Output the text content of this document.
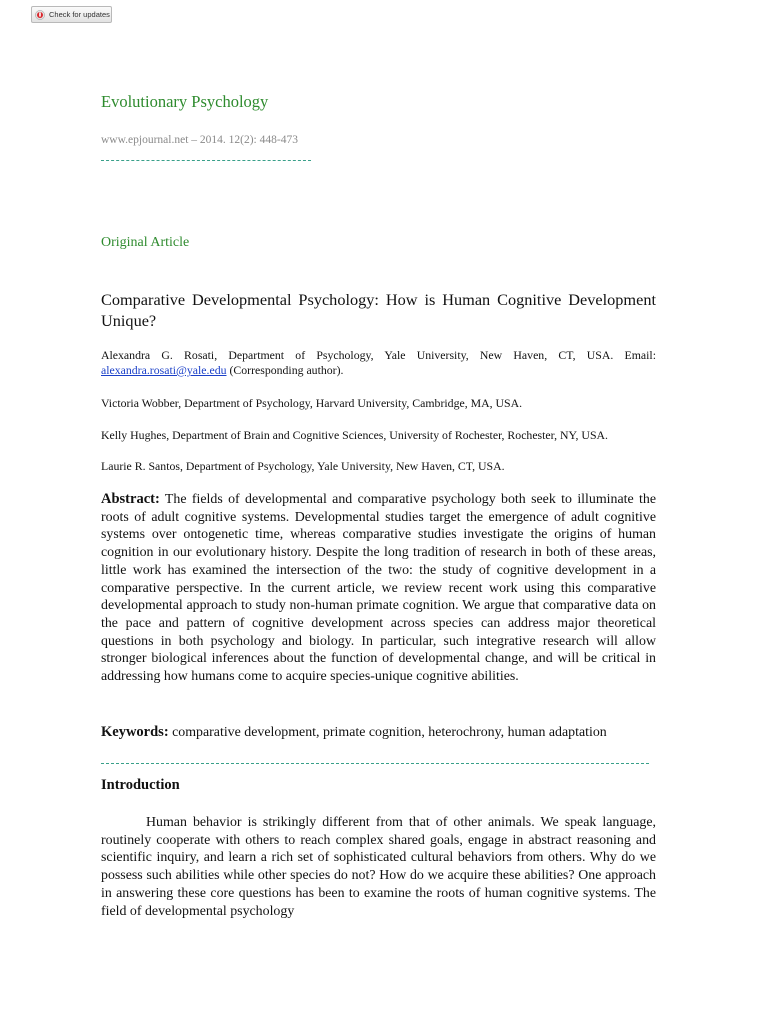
Check for updates
Evolutionary Psychology
www.epjournal.net – 2014. 12(2): 448-473
Original Article
Comparative Developmental Psychology: How is Human Cognitive Development Unique?
Alexandra G. Rosati, Department of Psychology, Yale University, New Haven, CT, USA. Email: alexandra.rosati@yale.edu (Corresponding author).
Victoria Wobber, Department of Psychology, Harvard University, Cambridge, MA, USA.
Kelly Hughes, Department of Brain and Cognitive Sciences, University of Rochester, Rochester, NY, USA.
Laurie R. Santos, Department of Psychology, Yale University, New Haven, CT, USA.
Abstract: The fields of developmental and comparative psychology both seek to illuminate the roots of adult cognitive systems. Developmental studies target the emergence of adult cognitive systems over ontogenetic time, whereas comparative studies investigate the origins of human cognition in our evolutionary history. Despite the long tradition of research in both of these areas, little work has examined the intersection of the two: the study of cognitive development in a comparative perspective. In the current article, we review recent work using this comparative developmental approach to study non-human primate cognition. We argue that comparative data on the pace and pattern of cognitive development across species can address major theoretical questions in both psychology and biology. In particular, such integrative research will allow stronger biological inferences about the function of developmental change, and will be critical in addressing how humans come to acquire species-unique cognitive abilities.
Keywords: comparative development, primate cognition, heterochrony, human adaptation
Introduction
Human behavior is strikingly different from that of other animals. We speak language, routinely cooperate with others to reach complex shared goals, engage in abstract reasoning and scientific inquiry, and learn a rich set of sophisticated cultural behaviors from others. Why do we possess such abilities while other species do not? How do we acquire these abilities? One approach in answering these core questions has been to examine the roots of human cognitive systems. The field of developmental psychology
